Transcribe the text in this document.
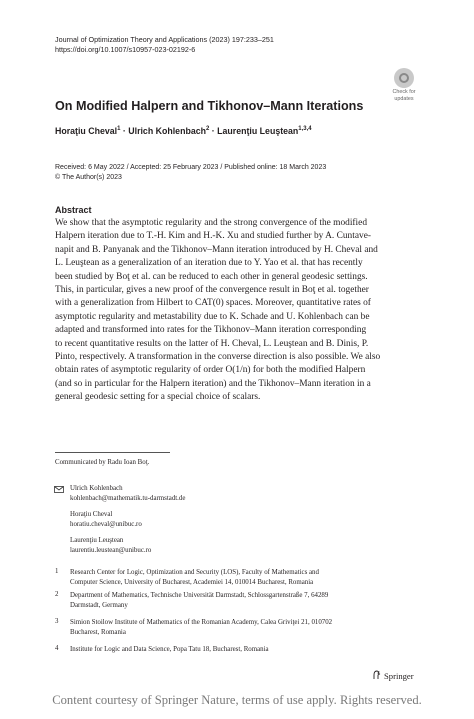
Journal of Optimization Theory and Applications (2023) 197:233–251
https://doi.org/10.1007/s10957-023-02192-6
Check for
updates
On Modified Halpern and Tikhonov–Mann Iterations
Horaţiu Cheval$^1$ · Ulrich Kohlenbach$^2$ · Laurenţiu Leuştean$^{1,3,4}$
Received: 6 May 2022 / Accepted: 25 February 2023 / Published online: 18 March 2023
© The Author(s) 2023
Abstract
We show that the asymptotic regularity and the strong convergence of the modified
Halpern iteration due to T.-H. Kim and H.-K. Xu and studied further by A. Cuntave-
napit and B. Panyanak and the Tikhonov–Mann iteration introduced by H. Cheval and
L. Leuştean as a generalization of an iteration due to Y. Yao et al. that has recently
been studied by Boţ et al. can be reduced to each other in general geodesic settings.
This, in particular, gives a new proof of the convergence result in Boţ et al. together
with a generalization from Hilbert to CAT(0) spaces. Moreover, quantitative rates of
asymptotic regularity and metastability due to K. Schade and U. Kohlenbach can be
adapted and transformed into rates for the Tikhonov–Mann iteration corresponding
to recent quantitative results on the latter of H. Cheval, L. Leuştean and B. Dinis, P.
Pinto, respectively. A transformation in the converse direction is also possible. We also
obtain rates of asymptotic regularity of order O(1/n) for both the modified Halpern
(and so in particular for the Halpern iteration) and the Tikhonov–Mann iteration in a
general geodesic setting for a special choice of scalars.
Communicated by Radu Ioan Boţ.
Ulrich Kohlenbach
kohlenbach@mathematik.tu-darmstadt.de
Horaţiu Cheval
horatiu.cheval@unibuc.ro
Laurenţiu Leuştean
laurentiu.leustean@unibuc.ro
1 Research Center for Logic, Optimization and Security (LOS), Faculty of Mathematics and
Computer Science, University of Bucharest, Academiei 14, 010014 Bucharest, Romania
2 Department of Mathematics, Technische Universität Darmstadt, Schlossgartenstraße 7, 64289
Darmstadt, Germany
3 Simion Stoilow Institute of Mathematics of the Romanian Academy, Calea Griviţei 21, 010702
Bucharest, Romania
4 Institute for Logic and Data Science, Popa Tatu 18, Bucharest, Romania
Springer
Content courtesy of Springer Nature, terms of use apply. Rights reserved.
